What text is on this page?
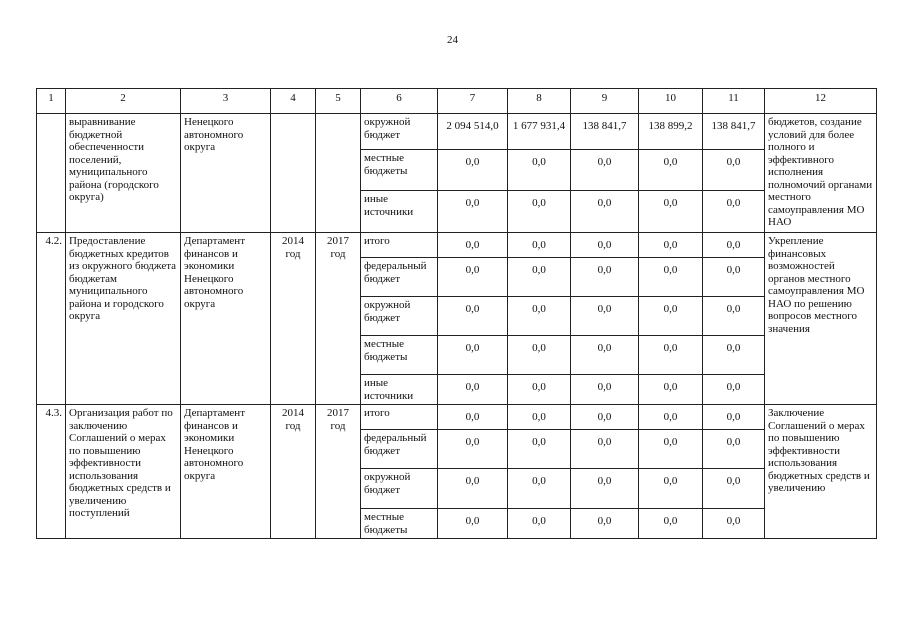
24
1	2	3	4	5	6	7	8	9	10	11	12
	выравнивание бюджетной обеспеченности поселений, муниципального района (городского округа)	Ненецкого автономного округа			окружной бюджет	2 094 514,0	1 677 931,4	138 841,7	138 899,2	138 841,7	бюджетов, создание условий для более полного и эффективного исполнения полномочий органами местного самоуправления МО НАО
					местные бюджеты	0,0	0,0	0,0	0,0	0,0	
					иные источники	0,0	0,0	0,0	0,0	0,0	
4.2.	Предоставление бюджетных кредитов из окружного бюджета бюджетам муниципального района и городского округа	Департамент финансов и экономики Ненецкого автономного округа	2014 год	2017 год	итого	0,0	0,0	0,0	0,0	0,0	Укрепление финансовых возможностей органов местного самоуправления МО НАО по решению вопросов местного значения
					федеральный бюджет	0,0	0,0	0,0	0,0	0,0	
					окружной бюджет	0,0	0,0	0,0	0,0	0,0	
					местные бюджеты	0,0	0,0	0,0	0,0	0,0	
					иные источники	0,0	0,0	0,0	0,0	0,0	
4.3.	Организация работ по заключению Соглашений о мерах по повышению эффективности использования бюджетных средств и увеличению поступлений	Департамент финансов и экономики Ненецкого автономного округа	2014 год	2017 год	итого	0,0	0,0	0,0	0,0	0,0	Заключение Соглашений о мерах по повышению эффективности использования бюджетных средств и увеличению
					федеральный бюджет	0,0	0,0	0,0	0,0	0,0	
					окружной бюджет	0,0	0,0	0,0	0,0	0,0	
					местные бюджеты	0,0	0,0	0,0	0,0	0,0	
